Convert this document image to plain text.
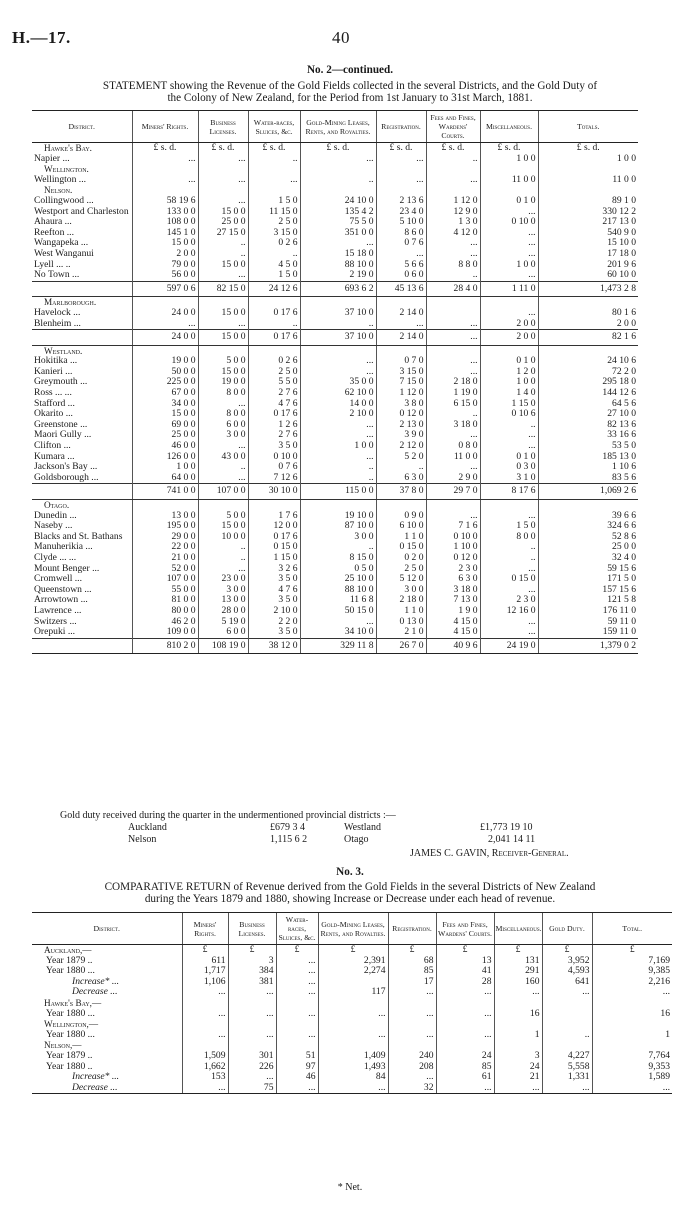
H.—17.	40
No. 2—continued.
STATEMENT showing the Revenue of the Gold Fields collected in the several Districts, and the Gold Duty of
the Colony of New Zealand, for the Period from 1st January to 31st March, 1881.
District.	Miners' Rights.	Business Licenses.	Water-races, Sluices, &c.	Gold-Mining Leases, Rents, and Royalties.	Registration.	Fees and Fines, Wardens' Courts.	Miscellaneous.	Totals.
Hawke's Bay.	£ s. d.	£ s. d.	£ s. d.	£ s. d.	£ s. d.	£ s. d.	£ s. d.	£ s. d.
Napier ...	...	...	..	...	...	..	1 0 0	1 0 0
Wellington.								
Wellington ...	...	...	...	..	...	...	11 0 0	11 0 0
Nelson.								
Collingwood ...	58 19 6	...	1 5 0	24 10 0	2 13 6	1 12 0	0 1 0	89 1 0
Westport and Charleston	133 0 0	15 0 0	11 15 0	135 4 2	23 4 0	12 9 0	...	330 12 2
Ahaura ...	108 0 0	25 0 0	2 5 0	75 5 0	5 10 0	1 3 0	0 10 0	217 13 0
Reefton ...	145 1 0	27 15 0	3 15 0	351 0 0	8 6 0	4 12 0	...	540 9 0
Wangapeka ...	15 0 0	..	0 2 6	...	0 7 6	...	...	15 10 0
West Wanganui	2 0 0	..	..	15 18 0	...	...	...	17 18 0
Lyell ... ..	79 0 0	15 0 0	4 5 0	88 10 0	5 6 6	8 8 0	1 0 0	201 9 6
No Town ...	56 0 0	...	1 5 0	2 19 0	0 6 0	..	...	60 10 0
	597 0 6	82 15 0	24 12 6	693 6 2	45 13 6	28 4 0	1 11 0	1,473 2 8
Marlborough.								
Havelock ...	24 0 0	15 0 0	0 17 6	37 10 0	2 14 0		...	80 1 6
Blenheim ...	...	...	..	..	...	...	2 0 0	2 0 0
	24 0 0	15 0 0	0 17 6	37 10 0	2 14 0	...	2 0 0	82 1 6
Westland.								
Hokitika ...	19 0 0	5 0 0	0 2 6	...	0 7 0	...	0 1 0	24 10 6
Kanieri ...	50 0 0	15 0 0	2 5 0	...	3 15 0	...	1 2 0	72 2 0
Greymouth ...	225 0 0	19 0 0	5 5 0	35 0 0	7 15 0	2 18 0	1 0 0	295 18 0
Ross ... ...	67 0 0	8 0 0	2 7 6	62 10 0	1 12 0	1 19 0	1 4 0	144 12 6
Stafford ...	34 0 0	...	4 7 6	14 0 0	3 8 0	6 15 0	1 15 0	64 5 6
Okarito ...	15 0 0	8 0 0	0 17 6	2 10 0	0 12 0	..	0 10 6	27 10 0
Greenstone ...	69 0 0	6 0 0	1 2 6	...	2 13 0	3 18 0	..	82 13 6
Maori Gully ...	25 0 0	3 0 0	2 7 6	...	3 9 0	...	...	33 16 6
Clifton ...	46 0 0	...	3 5 0	1 0 0	2 12 0	0 8 0	...	53 5 0
Kumara ...	126 0 0	43 0 0	0 10 0	...	5 2 0	11 0 0	0 1 0	185 13 0
Jackson's Bay ...	1 0 0	..	0 7 6	..	..	...	0 3 0	1 10 6
Goldsborough ...	64 0 0	...	7 12 6	..	6 3 0	2 9 0	3 1 0	83 5 6
	741 0 0	107 0 0	30 10 0	115 0 0	37 8 0	29 7 0	8 17 6	1,069 2 6
Otago.								
Dunedin ...	13 0 0	5 0 0	1 7 6	19 10 0	0 9 0	...	...	39 6 6
Naseby ...	195 0 0	15 0 0	12 0 0	87 10 0	6 10 0	7 1 6	1 5 0	324 6 6
Blacks and St. Bathans	29 0 0	10 0 0	0 17 6	3 0 0	1 1 0	0 10 0	8 0 0	52 8 6
Manuherikia ...	22 0 0	..	0 15 0	..	0 15 0	1 10 0	..	25 0 0
Clyde ... ...	21 0 0	..	1 15 0	8 15 0	0 2 0	0 12 0	..	32 4 0
Mount Benger ...	52 0 0	...	3 2 6	0 5 0	2 5 0	2 3 0	...	59 15 6
Cromwell ...	107 0 0	23 0 0	3 5 0	25 10 0	5 12 0	6 3 0	0 15 0	171 5 0
Queenstown ...	55 0 0	3 0 0	4 7 6	88 10 0	3 0 0	3 18 0	...	157 15 6
Arrowtown ...	81 0 0	13 0 0	3 5 0	11 6 8	2 18 0	7 13 0	2 3 0	121 5 8
Lawrence ...	80 0 0	28 0 0	2 10 0	50 15 0	1 1 0	1 9 0	12 16 0	176 11 0
Switzers ...	46 2 0	5 19 0	2 2 0	...	0 13 0	4 15 0	...	59 11 0
Orepuki ...	109 0 0	6 0 0	3 5 0	34 10 0	2 1 0	4 15 0	...	159 11 0
	810 2 0	108 19 0	38 12 0	329 11 8	26 7 0	40 9 6	24 19 0	1,379 0 2
Gold duty received during the quarter in the undermentioned provincial districts :—
Auckland	£679 3 4	Westland	£1,773 19 10
Nelson	1,115 6 2	Otago	2,041 14 11
JAMES C. GAVIN, Receiver-General.
No. 3.
COMPARATIVE RETURN of Revenue derived from the Gold Fields in the several Districts of New Zealand
during the Years 1879 and 1880, showing Increase or Decrease under each head of revenue.
District.	Miners' Rights.	Business Licenses.	Water-races, Sluices, &c.	Gold-Mining Leases, Rents, and Royalties.	Registration.	Fees and Fines, Wardens' Courts.	Miscellaneous.	Gold Duty.	Total.
Auckland,—	£	£	£	£	£	£	£	£	£
Year 1879 ..	611	3	...	2,391	68	13	131	3,952	7,169
Year 1880 ...	1,717	384	...	2,274	85	41	291	4,593	9,385
Increase* ...	1,106	381	...		17	28	160	641	2,216
Decrease ...	...	...	...	117	...	...	...	...	...
Hawke's Bay,—									
Year 1880 ...	...	...	...	...	...	...	16		16
Wellington,—									
Year 1880 ...	...	...	...	...	...	...	1	..	1
Nelson,—									
Year 1879 ..	1,509	301	51	1,409	240	24	3	4,227	7,764
Year 1880 ..	1,662	226	97	1,493	208	85	24	5,558	9,353
Increase* ...	153	...	46	84	...	61	21	1,331	1,589
Decrease ...	...	75	...	...	32	...	...	...	...
* Net.
